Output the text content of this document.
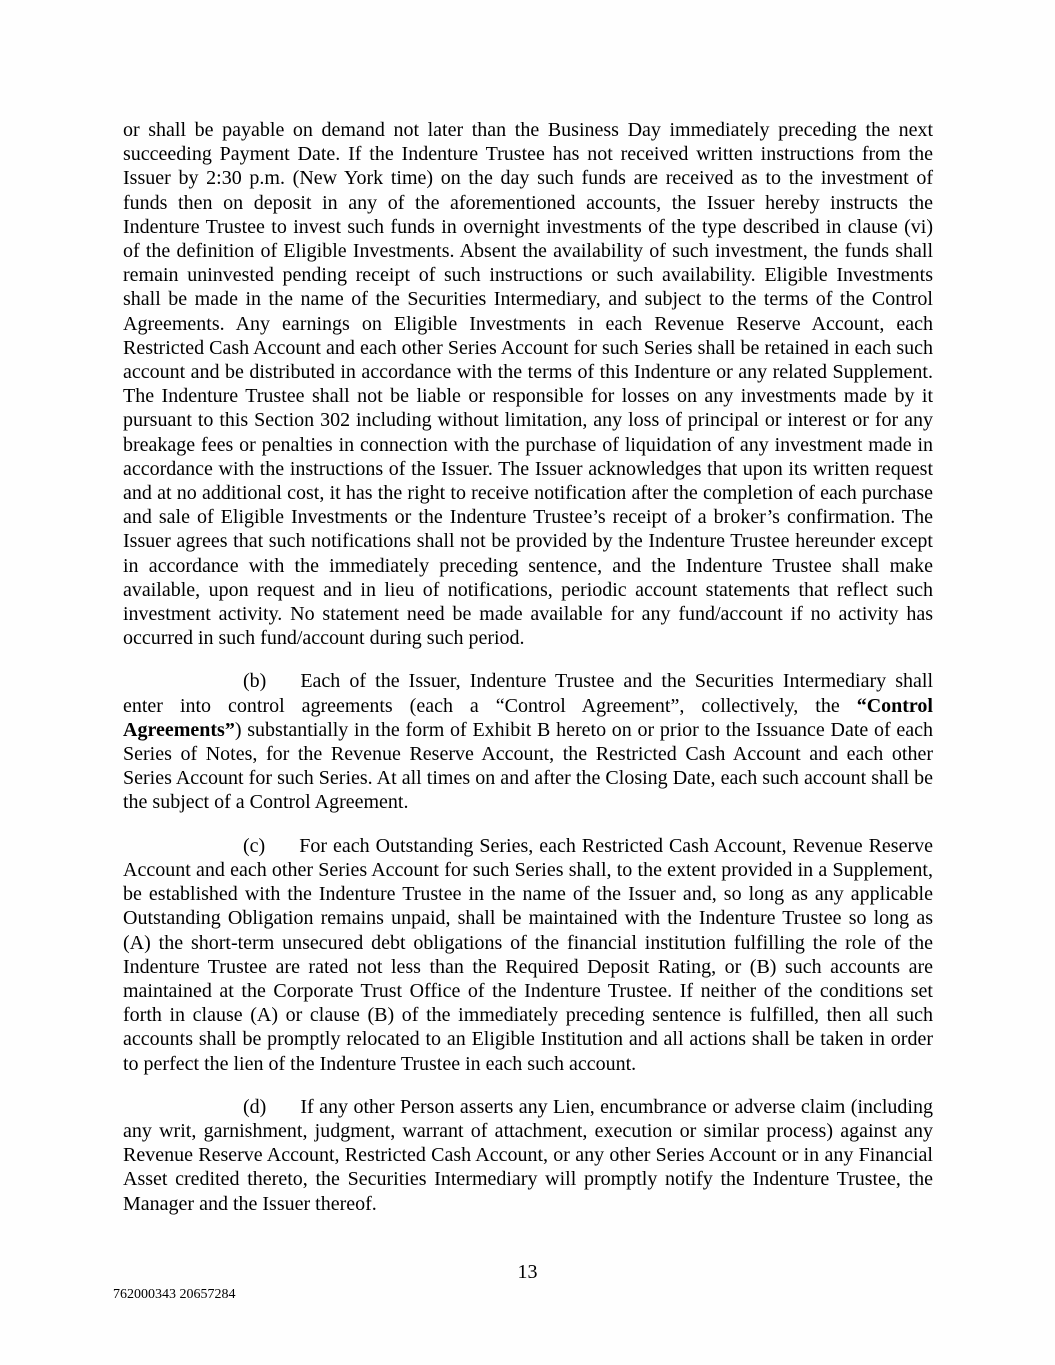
or shall be payable on demand not later than the Business Day immediately preceding the next succeeding Payment Date. If the Indenture Trustee has not received written instructions from the Issuer by 2:30 p.m. (New York time) on the day such funds are received as to the investment of funds then on deposit in any of the aforementioned accounts, the Issuer hereby instructs the Indenture Trustee to invest such funds in overnight investments of the type described in clause (vi) of the definition of Eligible Investments. Absent the availability of such investment, the funds shall remain uninvested pending receipt of such instructions or such availability. Eligible Investments shall be made in the name of the Securities Intermediary, and subject to the terms of the Control Agreements. Any earnings on Eligible Investments in each Revenue Reserve Account, each Restricted Cash Account and each other Series Account for such Series shall be retained in each such account and be distributed in accordance with the terms of this Indenture or any related Supplement. The Indenture Trustee shall not be liable or responsible for losses on any investments made by it pursuant to this Section 302 including without limitation, any loss of principal or interest or for any breakage fees or penalties in connection with the purchase of liquidation of any investment made in accordance with the instructions of the Issuer. The Issuer acknowledges that upon its written request and at no additional cost, it has the right to receive notification after the completion of each purchase and sale of Eligible Investments or the Indenture Trustee’s receipt of a broker’s confirmation. The Issuer agrees that such notifications shall not be provided by the Indenture Trustee hereunder except in accordance with the immediately preceding sentence, and the Indenture Trustee shall make available, upon request and in lieu of notifications, periodic account statements that reflect such investment activity. No statement need be made available for any fund/account if no activity has occurred in such fund/account during such period.

(b) Each of the Issuer, Indenture Trustee and the Securities Intermediary shall enter into control agreements (each a “Control Agreement”, collectively, the “Control Agreements”) substantially in the form of Exhibit B hereto on or prior to the Issuance Date of each Series of Notes, for the Revenue Reserve Account, the Restricted Cash Account and each other Series Account for such Series. At all times on and after the Closing Date, each such account shall be the subject of a Control Agreement.

(c) For each Outstanding Series, each Restricted Cash Account, Revenue Reserve Account and each other Series Account for such Series shall, to the extent provided in a Supplement, be established with the Indenture Trustee in the name of the Issuer and, so long as any applicable Outstanding Obligation remains unpaid, shall be maintained with the Indenture Trustee so long as (A) the short-term unsecured debt obligations of the financial institution fulfilling the role of the Indenture Trustee are rated not less than the Required Deposit Rating, or (B) such accounts are maintained at the Corporate Trust Office of the Indenture Trustee. If neither of the conditions set forth in clause (A) or clause (B) of the immediately preceding sentence is fulfilled, then all such accounts shall be promptly relocated to an Eligible Institution and all actions shall be taken in order to perfect the lien of the Indenture Trustee in each such account.

(d) If any other Person asserts any Lien, encumbrance or adverse claim (including any writ, garnishment, judgment, warrant of attachment, execution or similar process) against any Revenue Reserve Account, Restricted Cash Account, or any other Series Account or in any Financial Asset credited thereto, the Securities Intermediary will promptly notify the Indenture Trustee, the Manager and the Issuer thereof.

13
762000343 20657284
